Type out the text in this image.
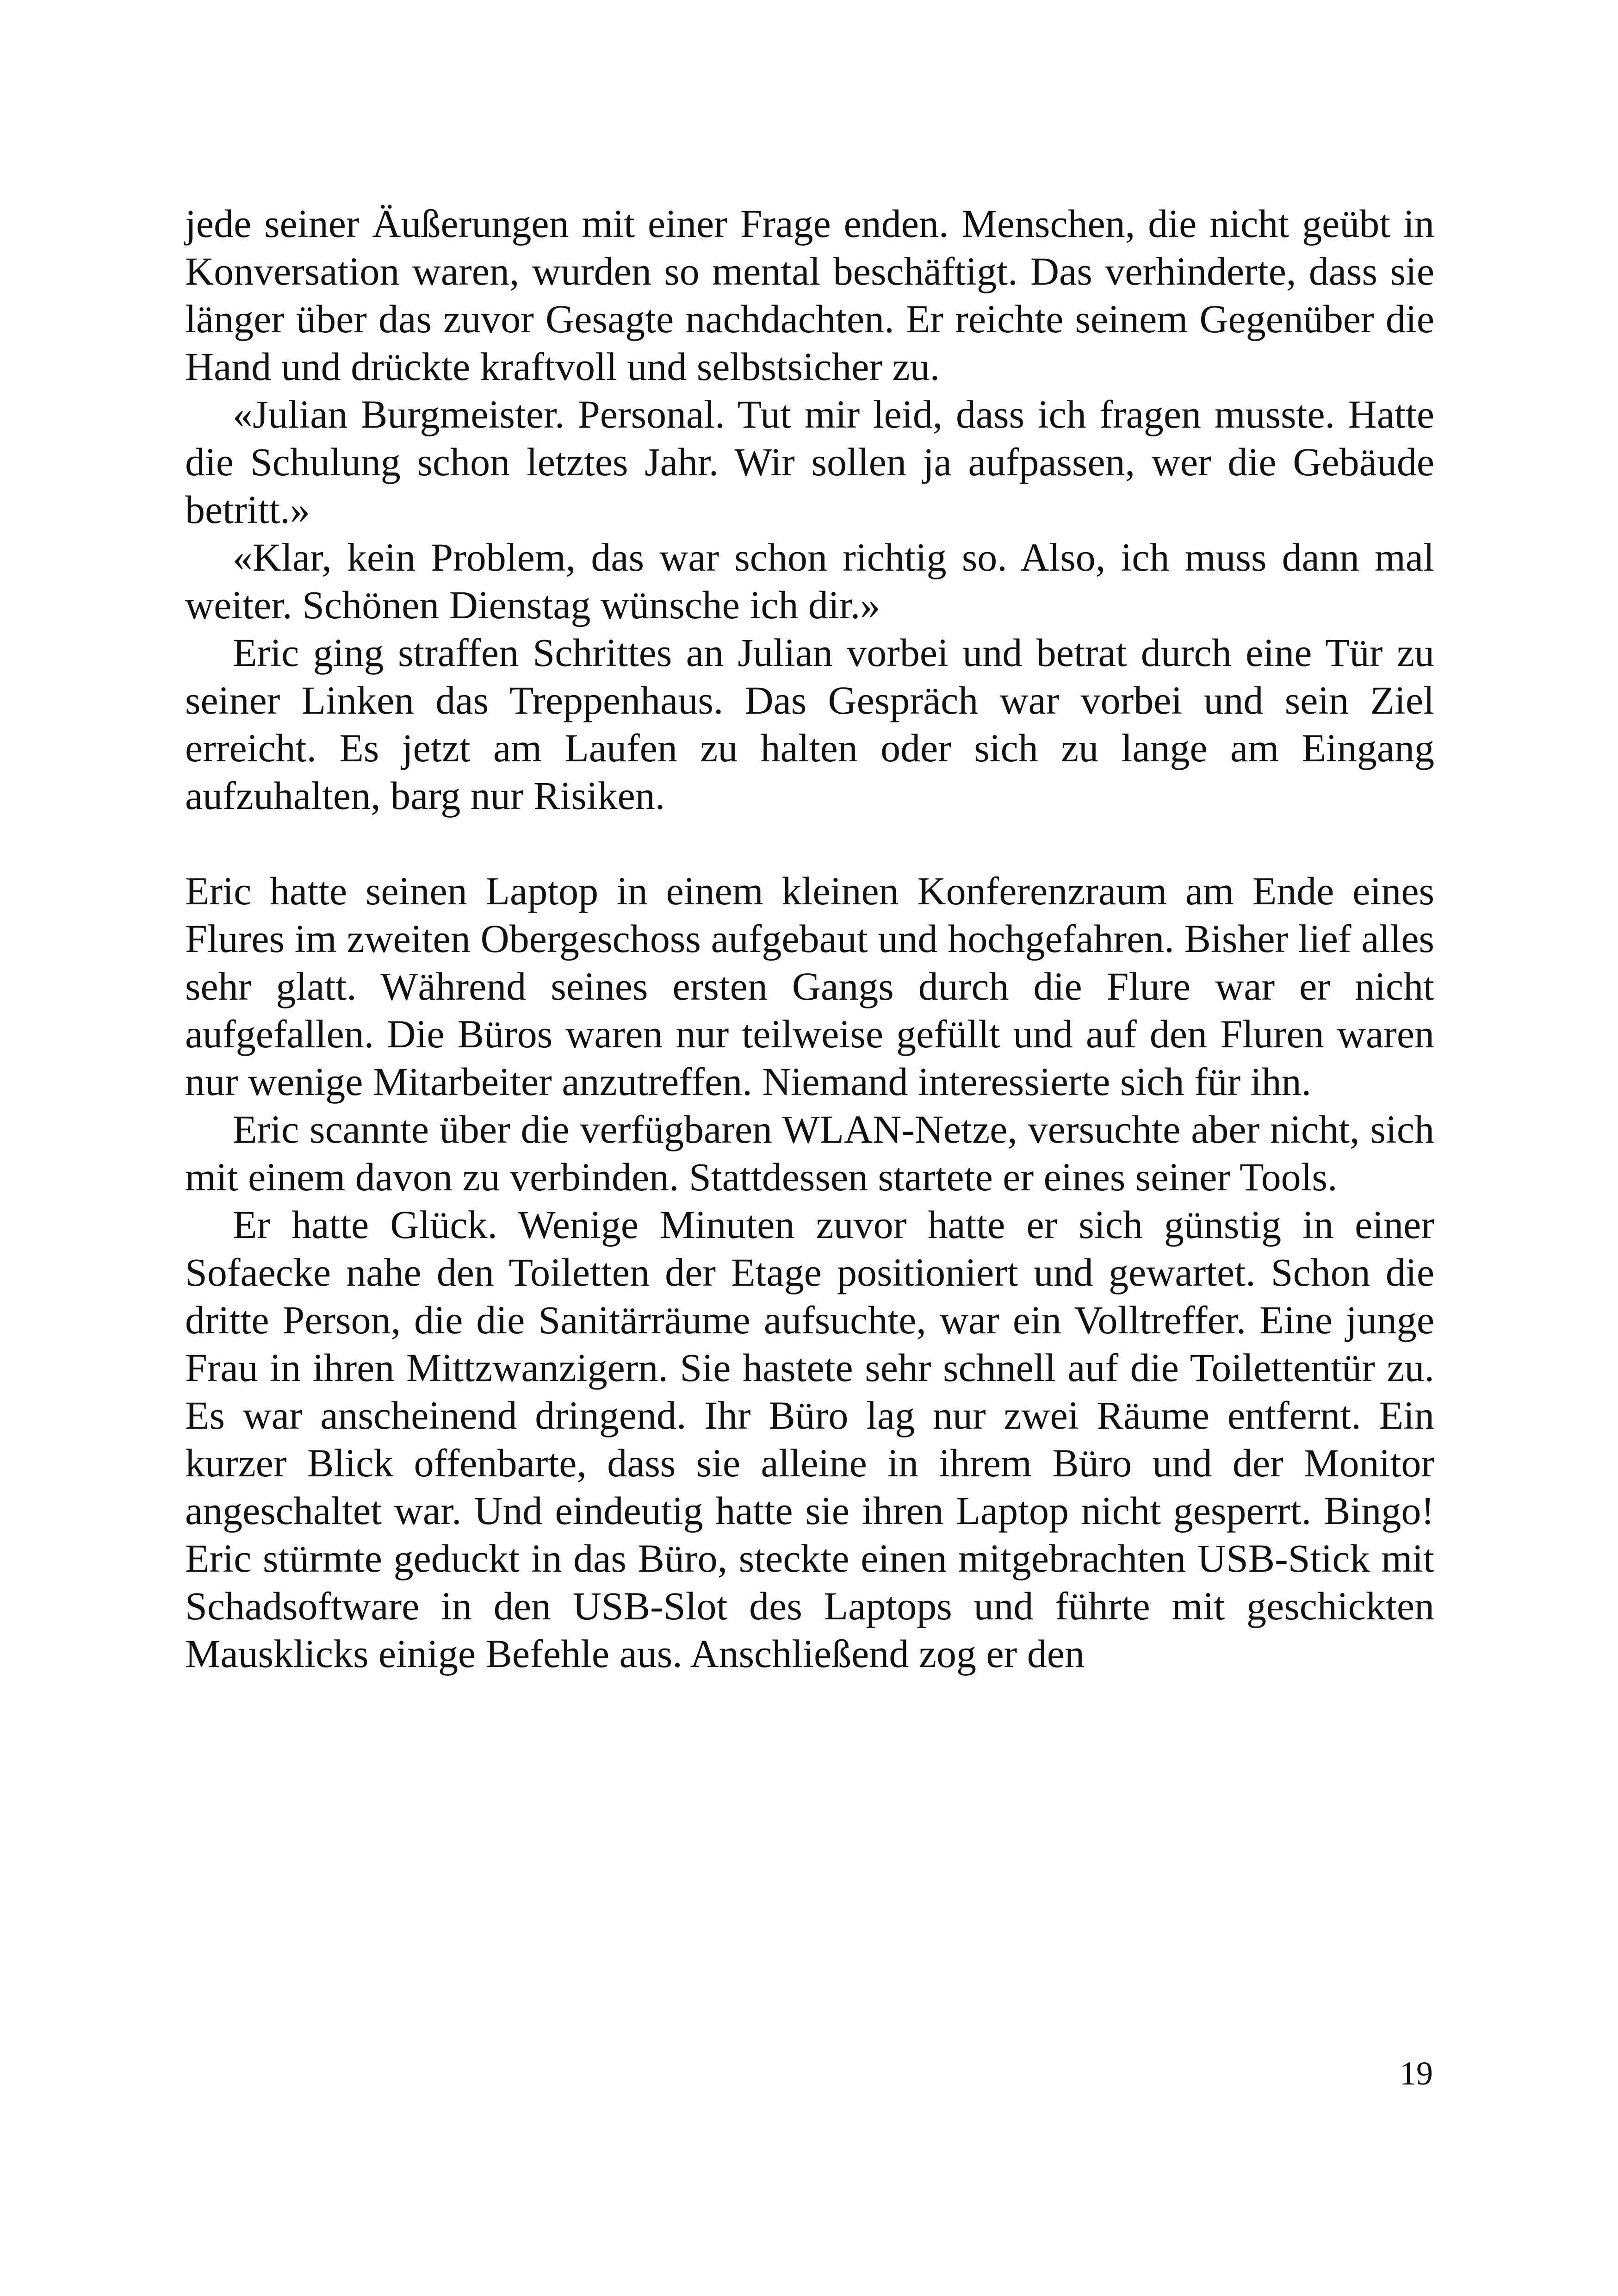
jede seiner Äußerungen mit einer Frage enden. Menschen, die nicht geübt in Konversation waren, wurden so mental beschäftigt. Das verhinderte, dass sie länger über das zuvor Gesagte nachdachten. Er reichte seinem Gegenüber die Hand und drückte kraftvoll und selbstsicher zu.

«Julian Burgmeister. Personal. Tut mir leid, dass ich fragen musste. Hatte die Schulung schon letztes Jahr. Wir sollen ja aufpassen, wer die Gebäude betritt.»

«Klar, kein Problem, das war schon richtig so. Also, ich muss dann mal weiter. Schönen Dienstag wünsche ich dir.»

Eric ging straffen Schrittes an Julian vorbei und betrat durch eine Tür zu seiner Linken das Treppenhaus. Das Gespräch war vorbei und sein Ziel erreicht. Es jetzt am Laufen zu halten oder sich zu lange am Eingang aufzuhalten, barg nur Risiken.

Eric hatte seinen Laptop in einem kleinen Konferenzraum am Ende eines Flures im zweiten Obergeschoss aufgebaut und hochgefahren. Bisher lief alles sehr glatt. Während seines ersten Gangs durch die Flure war er nicht aufgefallen. Die Büros waren nur teilweise gefüllt und auf den Fluren waren nur wenige Mitarbeiter anzutreffen. Niemand interessierte sich für ihn.

Eric scannte über die verfügbaren WLAN-Netze, versuchte aber nicht, sich mit einem davon zu verbinden. Stattdessen startete er eines seiner Tools.

Er hatte Glück. Wenige Minuten zuvor hatte er sich günstig in einer Sofaecke nahe den Toiletten der Etage positioniert und gewartet. Schon die dritte Person, die die Sanitärräume aufsuchte, war ein Volltreffer. Eine junge Frau in ihren Mittzwanzigern. Sie hastete sehr schnell auf die Toilettentür zu. Es war anscheinend dringend. Ihr Büro lag nur zwei Räume entfernt. Ein kurzer Blick offenbarte, dass sie alleine in ihrem Büro und der Monitor angeschaltet war. Und eindeutig hatte sie ihren Laptop nicht gesperrt. Bingo! Eric stürmte geduckt in das Büro, steckte einen mitgebrachten USB-Stick mit Schadsoftware in den USB-Slot des Laptops und führte mit geschickten Mausklicks einige Befehle aus. Anschließend zog er den

19
